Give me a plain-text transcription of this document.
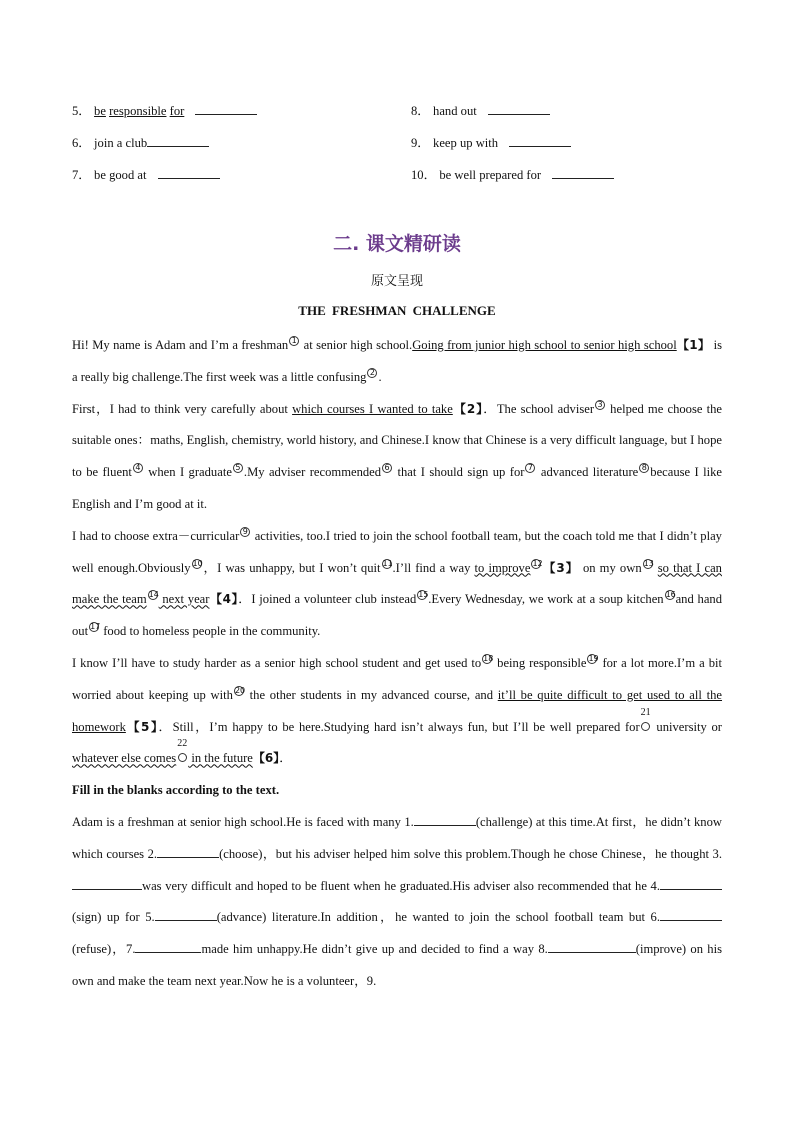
5． be responsible for	8． hand out
6． join a club	9． keep up with
7． be good at	10． be well prepared for
二. 课文精研读
原文呈现
THE FRESHMAN CHALLENGE

Hi! My name is Adam and I’m a freshman $^1$ at senior high school.Going from junior high school to senior high school【1】 is a really big challenge.The first week was a little confusing $^2$ .

First，I had to think very carefully about which courses I wanted to take【2】．The school adviser $^3$ helped me choose the suitable ones：maths, English, chemistry, world history, and Chinese.I know that Chinese is a very difficult language, but I hope to be fluent $^4$ when I graduate $^5$ .My adviser recommended $^6$ that I should sign up for $^7$ advanced literature $^8$ because I like English and I’m good at it.

I had to choose extra－curricular $^9$ activities, too.I tried to join the school football team, but the coach told me that I didn’t play well enough.Obviously $^{10}$，I was unhappy, but I won’t quit $^{11}$.I’ll find a way to improve $^{12}$【3】 on my own $^{13}$ so that I can make the team $^{14}$ next year【4】．I joined a volunteer club instead $^{15}$.Every Wednesday, we work at a soup kitchen $^{16}$and hand out $^{17}$ food to homeless people in the community.

I know I’ll have to study harder as a senior high school student and get used to $^{18}$ being responsible $^{19}$ for a lot more.I’m a bit worried about keeping up with $^{20}$ the other students in my advanced course, and it’ll be quite difficult to get used to all the homework【5】．Still，I’m happy to be here.Studying hard isn’t always fun, but I’ll be well prepared for
21
university or whatever else comes
22
in the future【6】．

Fill in the blanks according to the text.

Adam is a freshman at senior high school.He is faced with many 1.	(challenge) at this time.At first，he didn’t know which courses 2.	(choose)，but his adviser helped him solve this problem.Though he chose Chinese，he thought 3.was very difficult and hoped to be fluent when he graduated.His adviser also recommended that he 4.(sign) up for 5.	(advance) literature.In addition，he wanted to join the school football team but 6.(refuse)，7.	made him unhappy.He didn’t give up and decided to find a way 8.	(improve) on his own and make the team next year.Now he is a volunteer，9.
